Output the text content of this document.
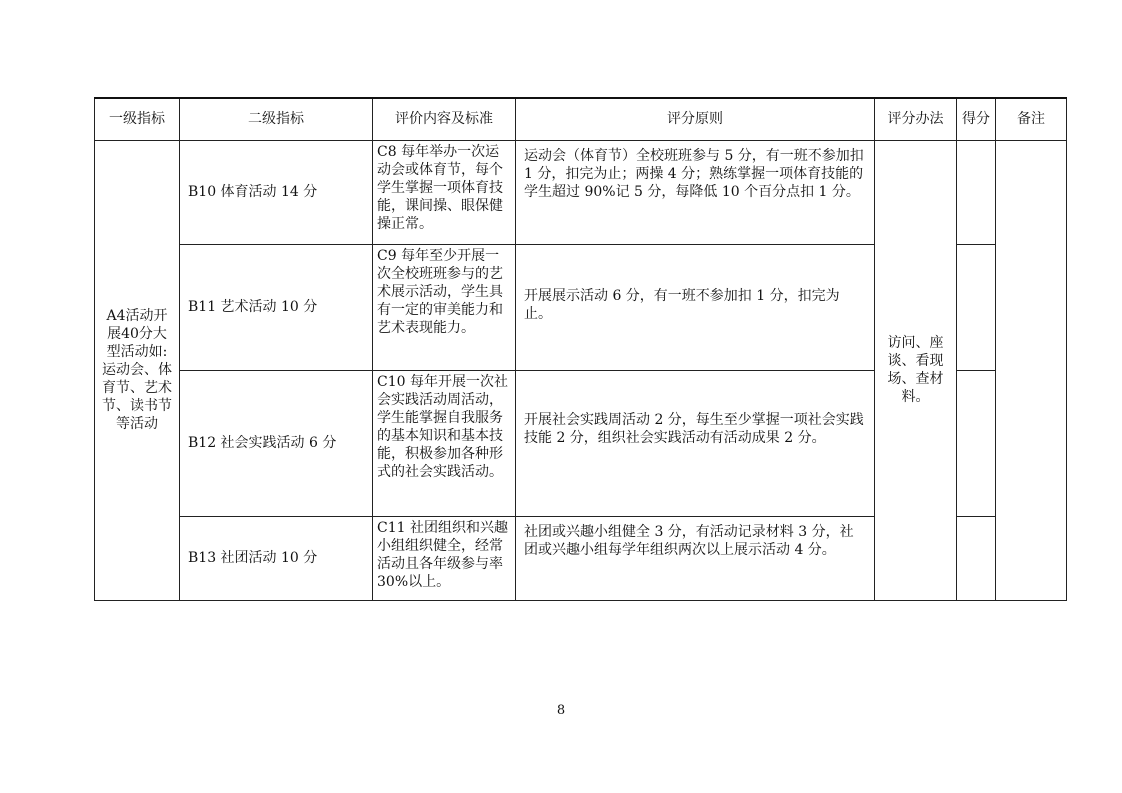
一级指标	二级指标	评价内容及标准	评分原则	评分办法	得分	备注
A4活动开展40分大型活动如:运动会、体育节、艺术节、读书节等活动	B10 体育活动 14 分	C8 每年举办一次运动会或体育节，每个学生掌握一项体育技能，课间操、眼保健操正常。	运动会（体育节）全校班班参与 5 分，有一班不参加扣 1 分，扣完为止；两操 4 分；熟练掌握一项体育技能的学生超过 90%记 5 分，每降低 10 个百分点扣 1 分。	访问、座谈、看现场、查材料。		
	B11 艺术活动 10 分	C9 每年至少开展一次全校班班参与的艺术展示活动，学生具有一定的审美能力和艺术表现能力。	开展展示活动 6 分，有一班不参加扣 1 分，扣完为止。			
	B12 社会实践活动 6 分	C10 每年开展一次社会实践活动周活动，学生能掌握自我服务的基本知识和基本技能，积极参加各种形式的社会实践活动。	开展社会实践周活动 2 分，每生至少掌握一项社会实践技能 2 分，组织社会实践活动有活动成果 2 分。			
	B13 社团活动 10 分	C11 社团组织和兴趣小组组织健全，经常活动且各年级参与率 30%以上。	社团或兴趣小组健全 3 分，有活动记录材料 3 分，社团或兴趣小组每学年组织两次以上展示活动 4 分。			
8
